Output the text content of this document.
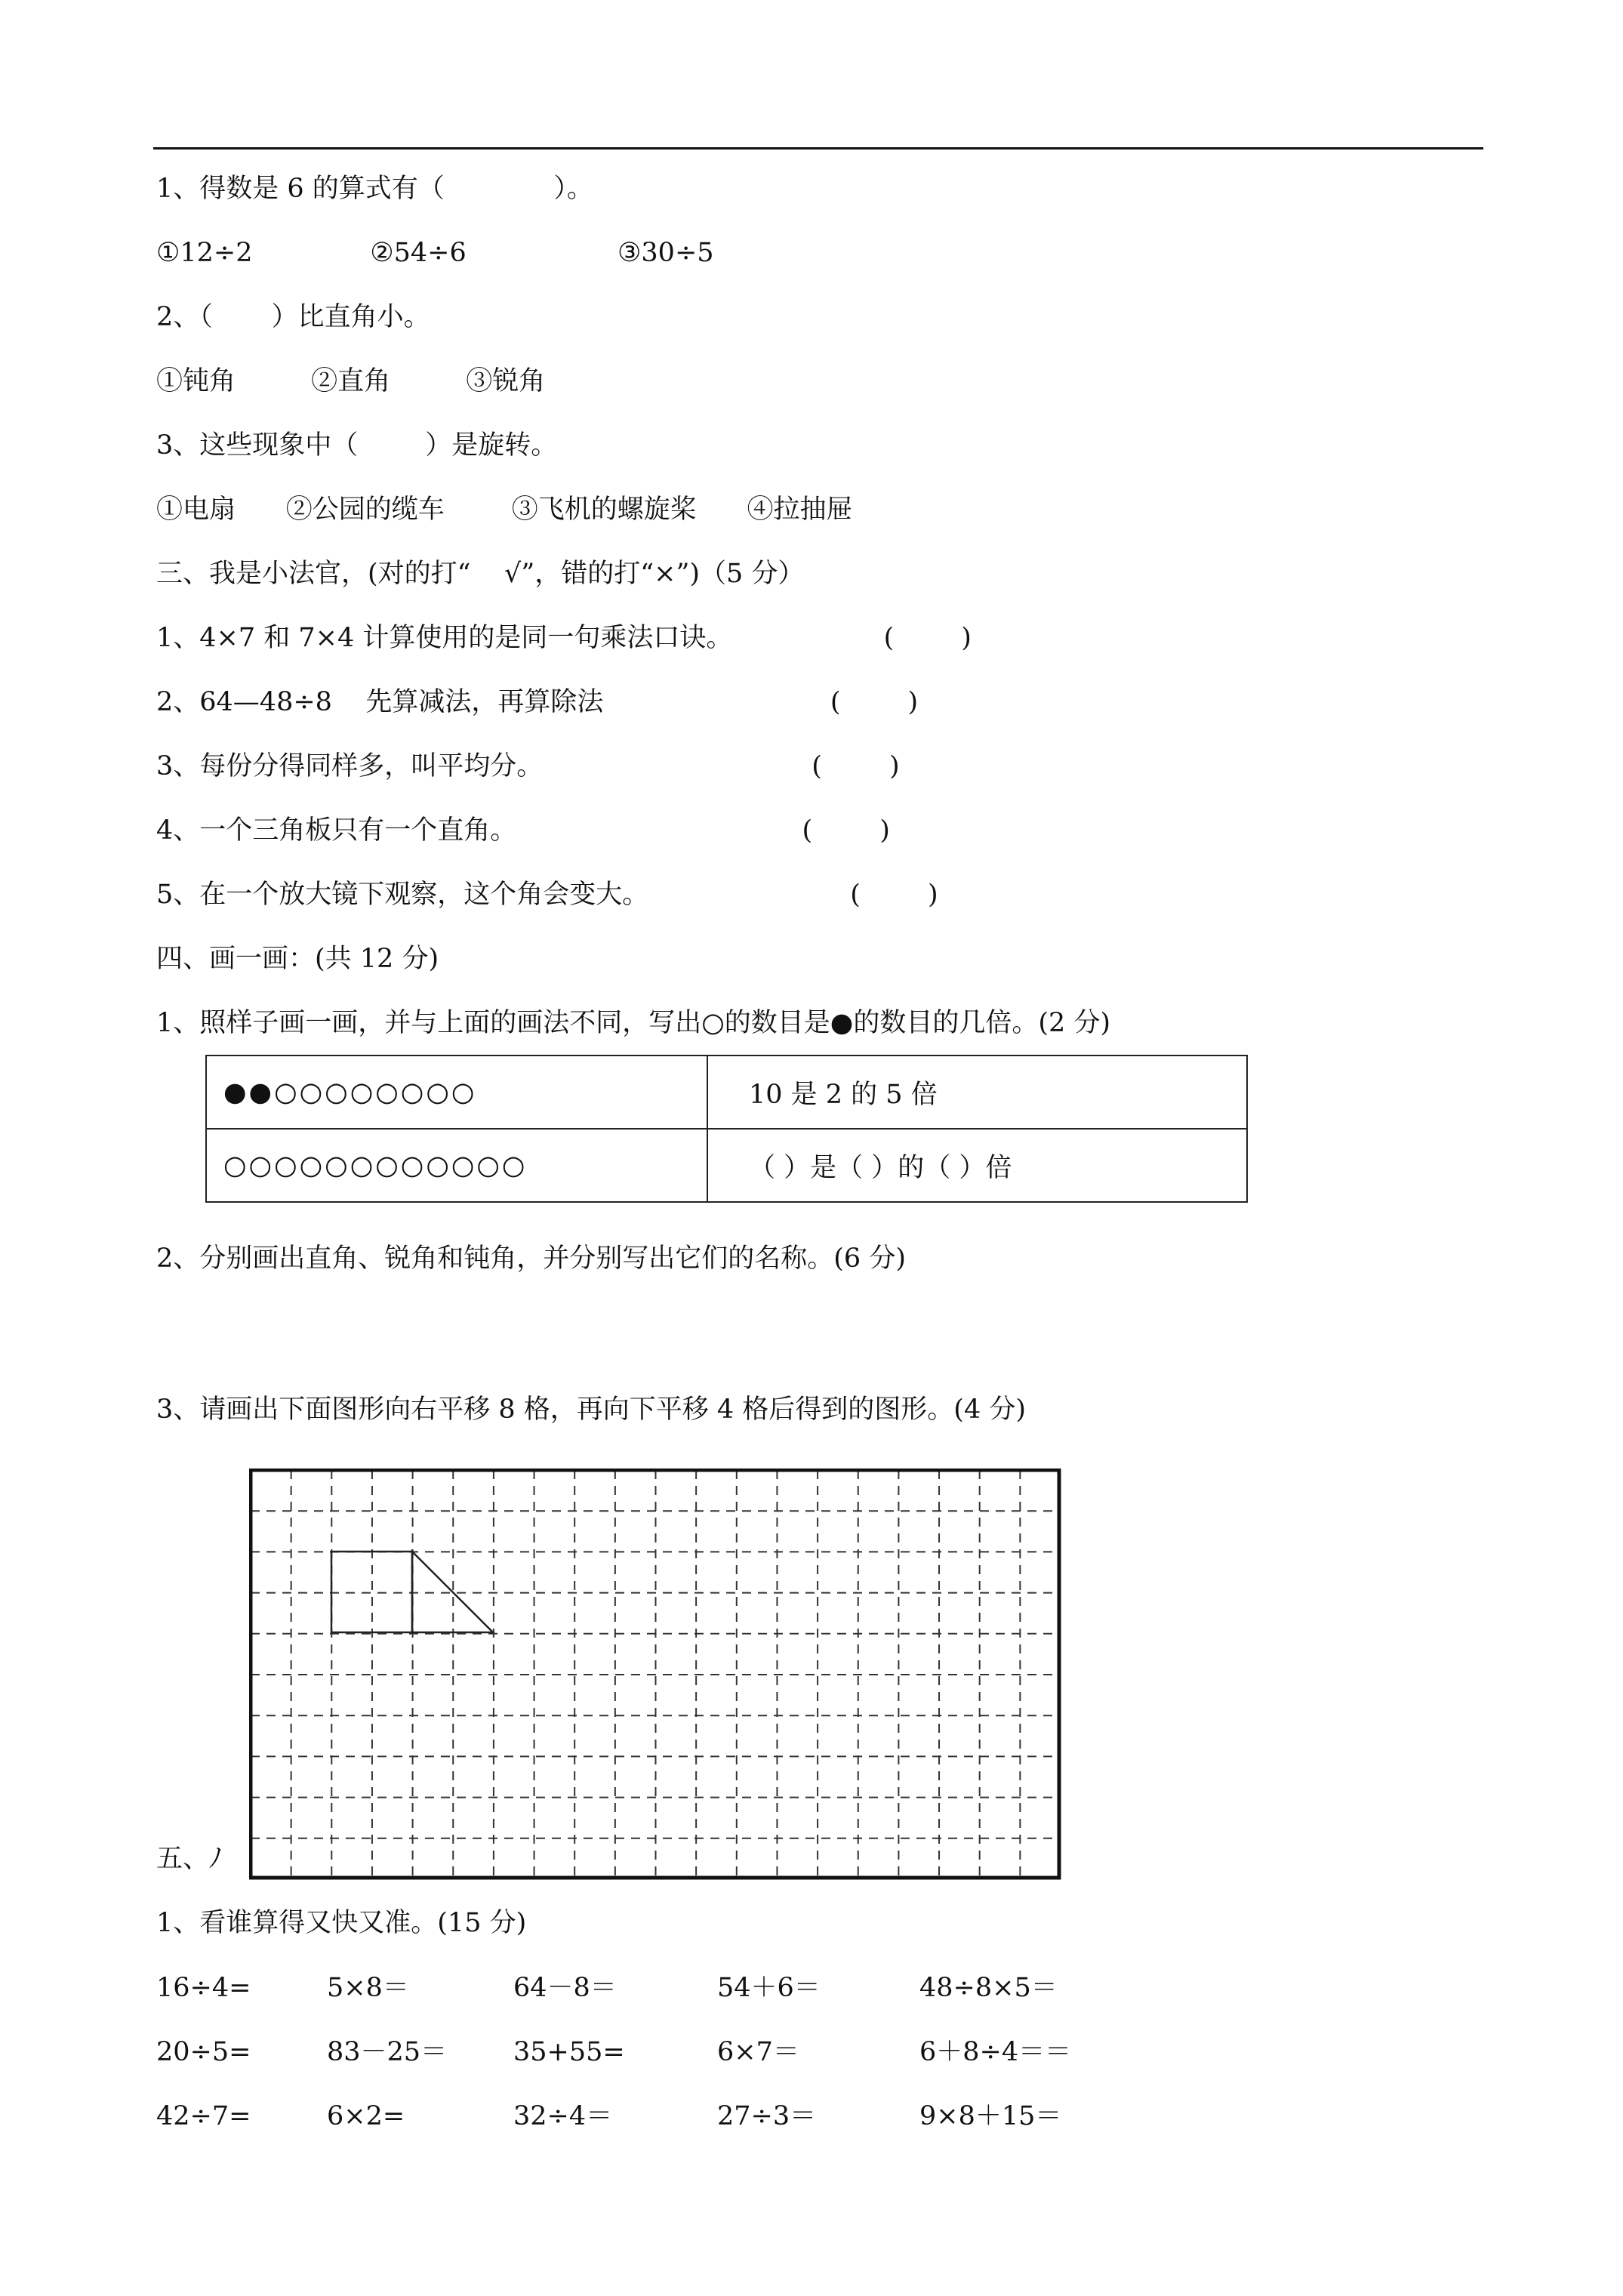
1、得数是 6 的算式有（             ）。
①12÷2              ②54÷6                  ③30÷5
2、（       ）比直角小。
①钝角         ②直角         ③锐角
3、这些现象中（        ）是旋转。
①电扇      ②公园的缆车        ③飞机的螺旋桨      ④拉抽屉
三、我是小法官，(对的打“    √”，错的打“×”)（5 分）
1、4×7 和 7×4 计算使用的是同一句乘法口诀。                  (        )
2、64—48÷8    先算减法，再算除法                           (        )
3、每份分得同样多，叫平均分。                                (        )
4、一个三角板只有一个直角。                                  (        )
5、在一个放大镜下观察，这个角会变大。                        (        )
四、画一画：(共 12 分)
1、照样子画一画，并与上面的画法不同，写出○的数目是●的数目的几倍。(2 分)
2、分别画出直角、锐角和钝角，并分别写出它们的名称。(6 分)
3、请画出下面图形向右平移 8 格，再向下平移 4 格后得到的图形。(4 分)
五、ﾉ
1、看谁算得又快又准。(15 分)
●●○○○○○○○○	10 是 2 的 5 倍
○○○○○○○○○○○○	（ ）是（ ）的（ ）倍
16÷4=	5×8＝	64－8＝	54＋6＝	48÷8×5＝
20÷5=	83－25＝	35+55=	6×7＝	6＋8÷4＝＝
42÷7=	6×2=	32÷4＝	27÷3＝	9×8＋15＝
